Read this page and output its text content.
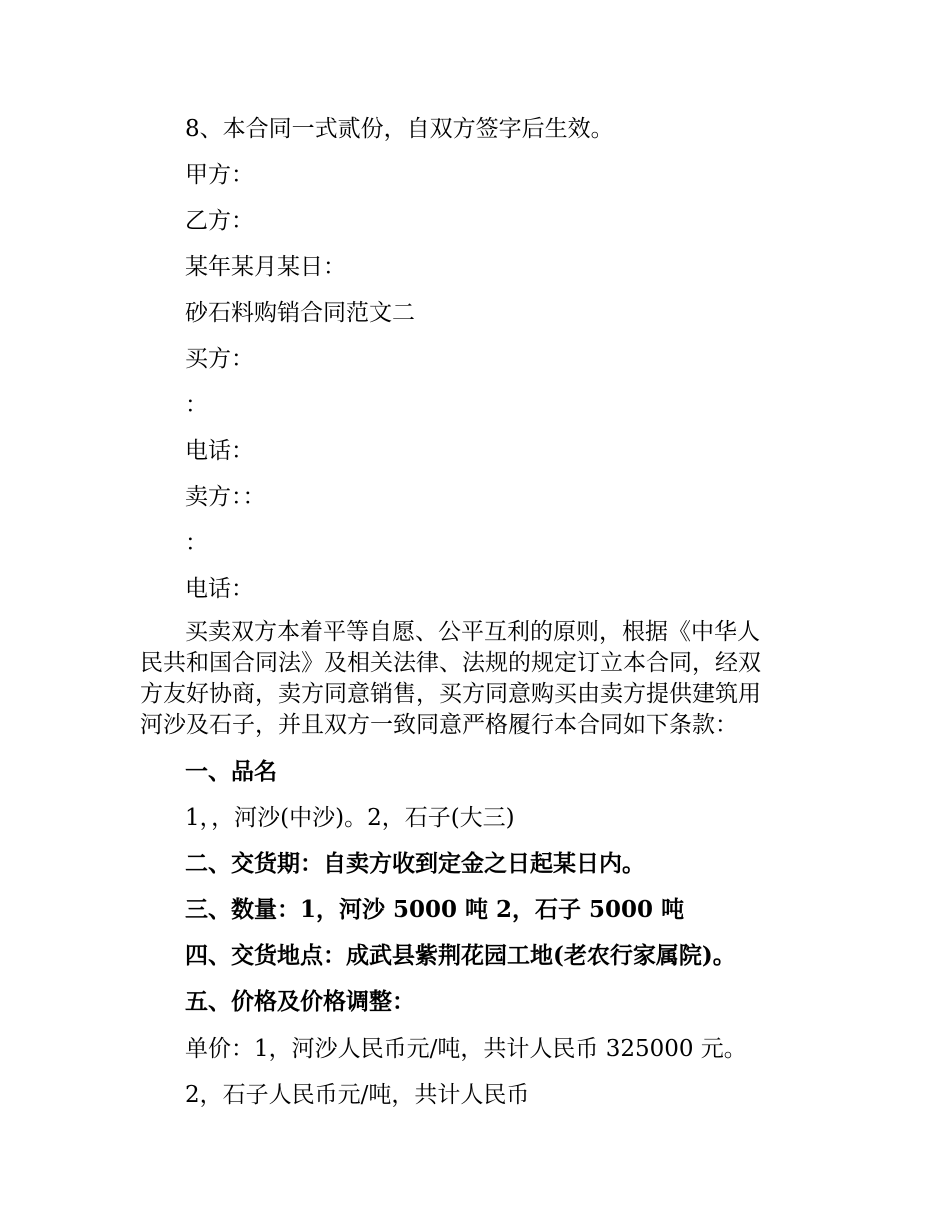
8、本合同一式贰份，自双方签字后生效。
甲方：
乙方：
某年某月某日：
砂石料购销合同范文二
买方：
：
电话：
卖方：：
：
电话：
买卖双方本着平等自愿、公平互利的原则，根据《中华人
民共和国合同法》及相关法律、法规的规定订立本合同，经双
方友好协商，卖方同意销售，买方同意购买由卖方提供建筑用
河沙及石子，并且双方一致同意严格履行本合同如下条款：
一、品名
1，，河沙(中沙)。2，石子(大三)
二、交货期：自卖方收到定金之日起某日内。
三、数量：1，河沙 5000 吨 2，石子 5000 吨
四、交货地点：成武县紫荆花园工地(老农行家属院)。
五、价格及价格调整：
单价：1，河沙人民币元/吨，共计人民币 325000 元。
2，石子人民币元/吨，共计人民币
